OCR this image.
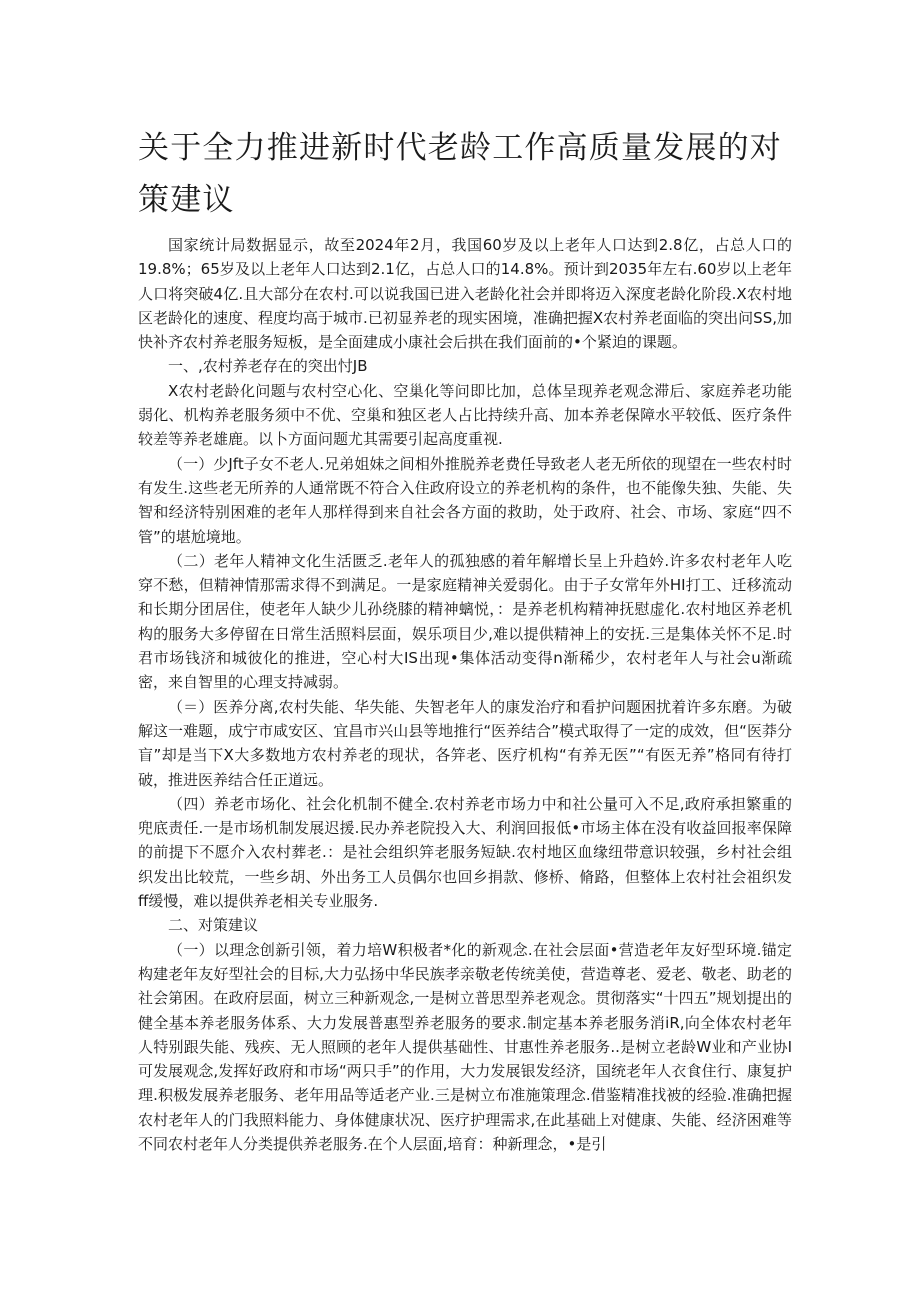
关于全力推进新时代老龄工作高质量发展的对策建议

国家统计局数据显示，故至2024年2月，我国60岁及以上老年人口达到2.8亿，占总人口的19.8%；65岁及以上老年人口达到2.1亿，占总人口的14.8%。预计到2035年左右.60岁以上老年人口将突破4亿.且大部分在农村.可以说我国已进入老龄化社会并即将迈入深度老龄化阶段.X农村地区老龄化的速度、程度均高于城市.已初显养老的现实困境，准确把握X农村养老面临的突出问SS,加快补齐农村养老服务短板，是全面建成小康社会后拱在我们面前的•个紧迫的课题。

一、,农村养老存在的突出忖JB

X农村老龄化问题与农村空心化、空巢化等问即比加，总体呈现养老观念滞后、家庭养老功能弱化、机构养老服务须中不优、空巢和独区老人占比持续升高、加本养老保障水平较低、医疗条件较差等养老雄鹿。以卜方面问题尤其需要引起高度重视.

（一）少Jft子女不老人.兄弟姐妹之间相外推脱养老费任导致老人老无所依的现望在一些农村时有发生.这些老无所养的人通常既不符合入住政府设立的养老机构的条件，也不能像失独、失能、失智和经济特别困难的老年人那样得到来自社会各方面的救助，处于政府、社会、市场、家庭“四不管”的堪尬境地。

（二）老年人精神文化生活匮乏.老年人的孤独感的着年解增长呈上升趋妗.许多农村老年人吃穿不愁，但精神情那需求得不到满足。一是家庭精神关爱弱化。由于子女常年外HI打工、迁移流动和长期分团居住，使老年人缺少儿孙绕膝的精神螭悦，：是养老机构精神抚慰虚化.农村地区养老机构的服务大多停留在日常生活照料层面，娱乐项目少,难以提供精神上的安抚.三是集体关怀不足.时君市场钱济和城彼化的推进，空心村大IS出现•集体活动变得n渐稀少，农村老年人与社会u渐疏密，来自智里的心理支持减弱。

（＝）医养分离,农村失能、华失能、失智老年人的康发治疗和看护问题困扰着许多东磨。为破解这一难题，成宁市咸安区、宜昌市兴山县等地推行“医养结合”模式取得了一定的成效，但“医莽分盲”却是当下X大多数地方农村养老的现状，各笄老、医疗机构“有养无医”“有医无养”格同有待打破，推进医养结合任正道远。

（四）养老市场化、社会化机制不健全.农村养老市场力中和社公量可入不足,政府承担繁重的兜底责任.一是市场机制发展迟援.民办养老院投入大、利润回报低•市场主体在没有收益回报率保障的前提下不愿介入农村葬老.：是社会组织笄老服务短缺.农村地区血缘纽带意识较强，乡村社会组织发出比较荒，一些乡胡、外出务工人员偶尔也回乡捐款、修桥、脩路，但整体上农村社会祖织发ff缓慢，难以提供养老相关专业服务.

二、对策建议

（一）以理念创新引领，着力培W积极者*化的新观念.在社会层面•营造老年友好型环境.锚定构建老年友好型社会的目标,大力弘扬中华民族孝亲敬老传统美使，营造尊老、爱老、敬老、助老的社会第困。在政府层面，树立三种新观念,一是树立普思型养老观念。贯彻落实“十四五”规划提出的健全基本养老服务体系、大力发展普惠型养老服务的要求.制定基本养老服务消iR,向全体农村老年人特别跟失能、残疾、无人照顾的老年人提供基础性、甘惠性养老服务..是树立老龄W业和产业协I可发展观念,发挥好政府和市场“两只手”的作用，大力发展银发经济，国统老年人衣食住行、康复护理.积极发展养老服务、老年用品等适老产业.三是树立布准施策理念.借鉴精准找被的经验.准确把握农村老年人的门我照料能力、身体健康状况、医疗护理需求,在此基础上对健康、失能、经济困难等不同农村老年人分类提供养老服务.在个人层面,培育：种新理念，•是引
